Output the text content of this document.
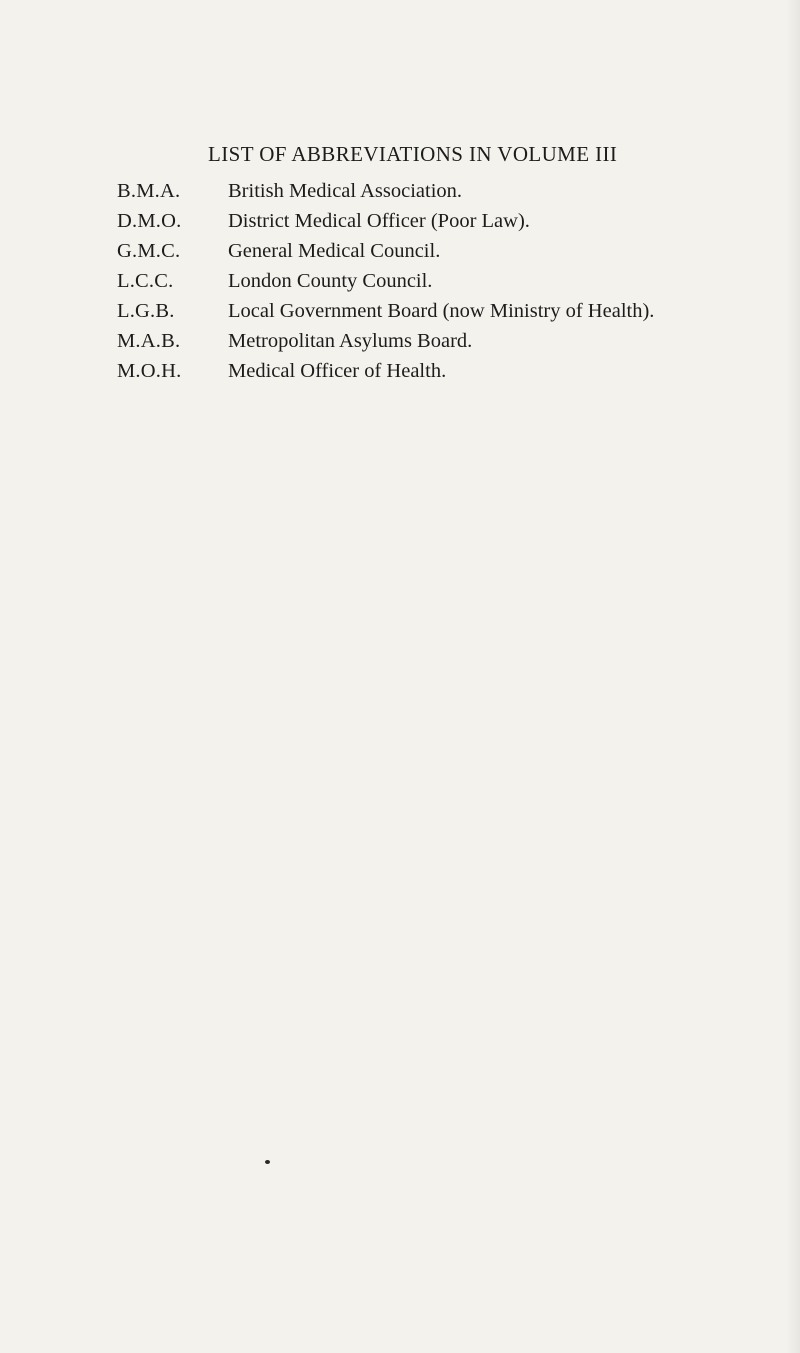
LIST OF ABBREVIATIONS IN VOLUME III
B.M.A.	British Medical Association.
D.M.O.	District Medical Officer (Poor Law).
G.M.C.	General Medical Council.
L.C.C.	London County Council.
L.G.B.	Local Government Board (now Ministry of Health).
M.A.B.	Metropolitan Asylums Board.
M.O.H.	Medical Officer of Health.
